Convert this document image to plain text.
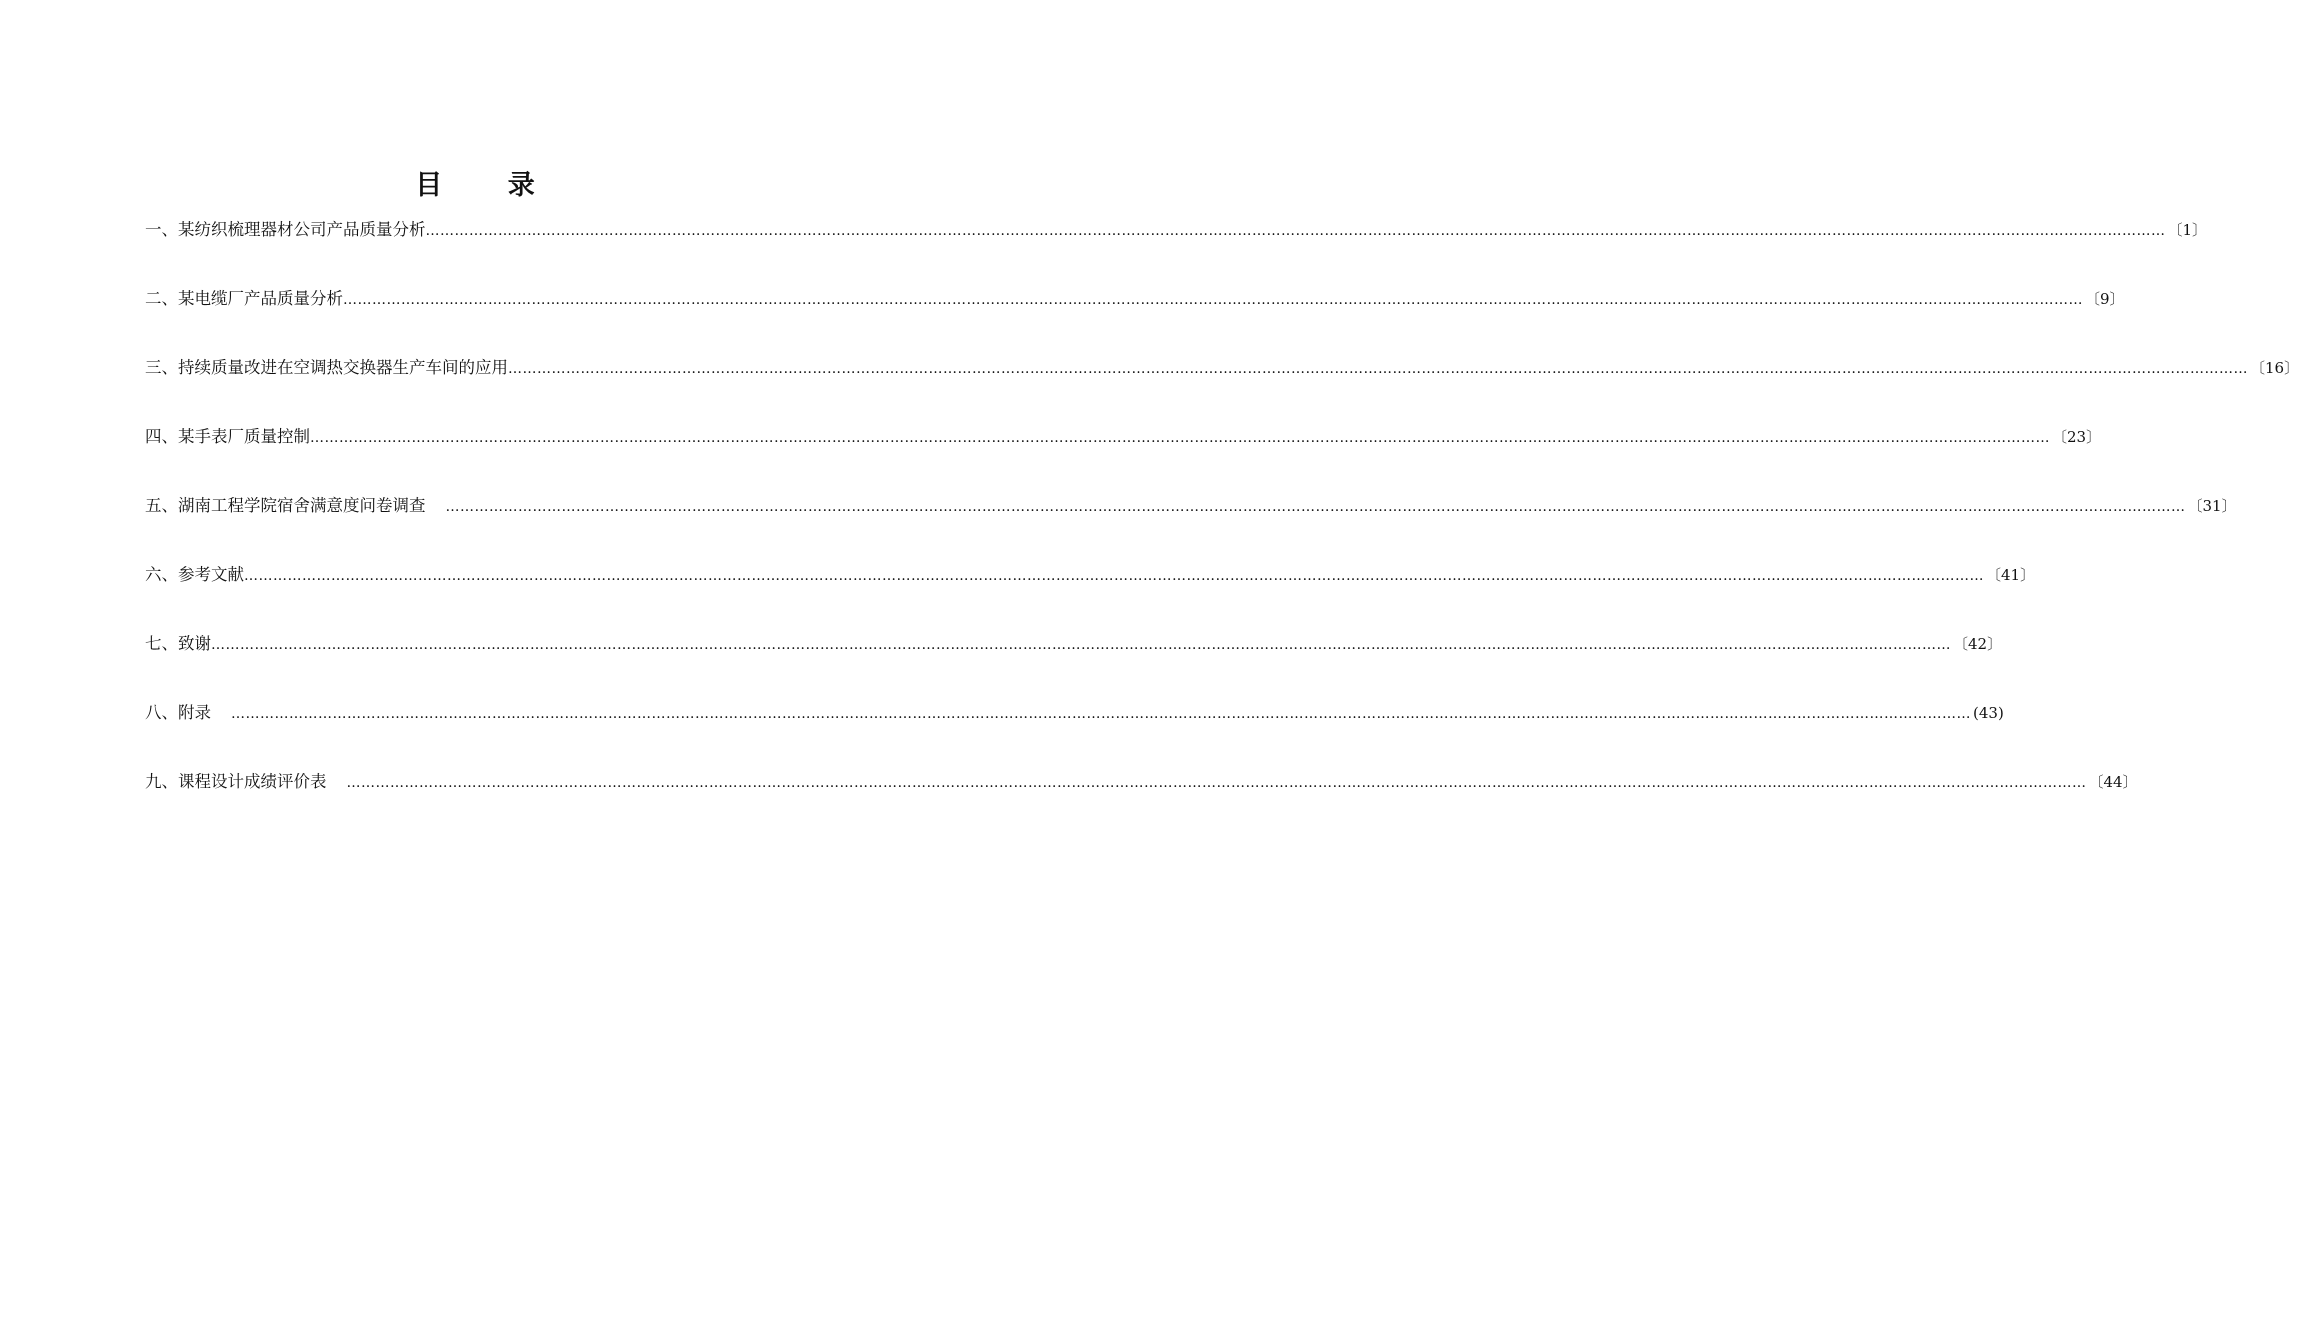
目 录
一、某纺织梳理器材公司产品质量分析 ……………………………………………………………………………………………………………………………………………………………………………………………………………………………………………………………………………………………………………………………… 〔1〕
二、某电缆厂产品质量分析 ……………………………………………………………………………………………………………………………………………………………………………………………………………………………………………………………………………………………………………………………… 〔9〕
三、持续质量改进在空调热交换器生产车间的应用 ……………………………………………………………………………………………………………………………………………………………………………………………………………………………………………………………………………………………………………………………… 〔16〕
四、某手表厂质量控制 ……………………………………………………………………………………………………………………………………………………………………………………………………………………………………………………………………………………………………………………………… 〔23〕
五、湖南工程学院宿舍满意度问卷调查 ……………………………………………………………………………………………………………………………………………………………………………………………………………………………………………………………………………………………………………………………… 〔31〕
六、参考文献 ……………………………………………………………………………………………………………………………………………………………………………………………………………………………………………………………………………………………………………………………… 〔41〕
七、致谢 ……………………………………………………………………………………………………………………………………………………………………………………………………………………………………………………………………………………………………………………………… 〔42〕
八、附录 ……………………………………………………………………………………………………………………………………………………………………………………………………………………………………………………………………………………………………………………………… (43)
九、课程设计成绩评价表 ……………………………………………………………………………………………………………………………………………………………………………………………………………………………………………………………………………………………………………………………… 〔44〕
